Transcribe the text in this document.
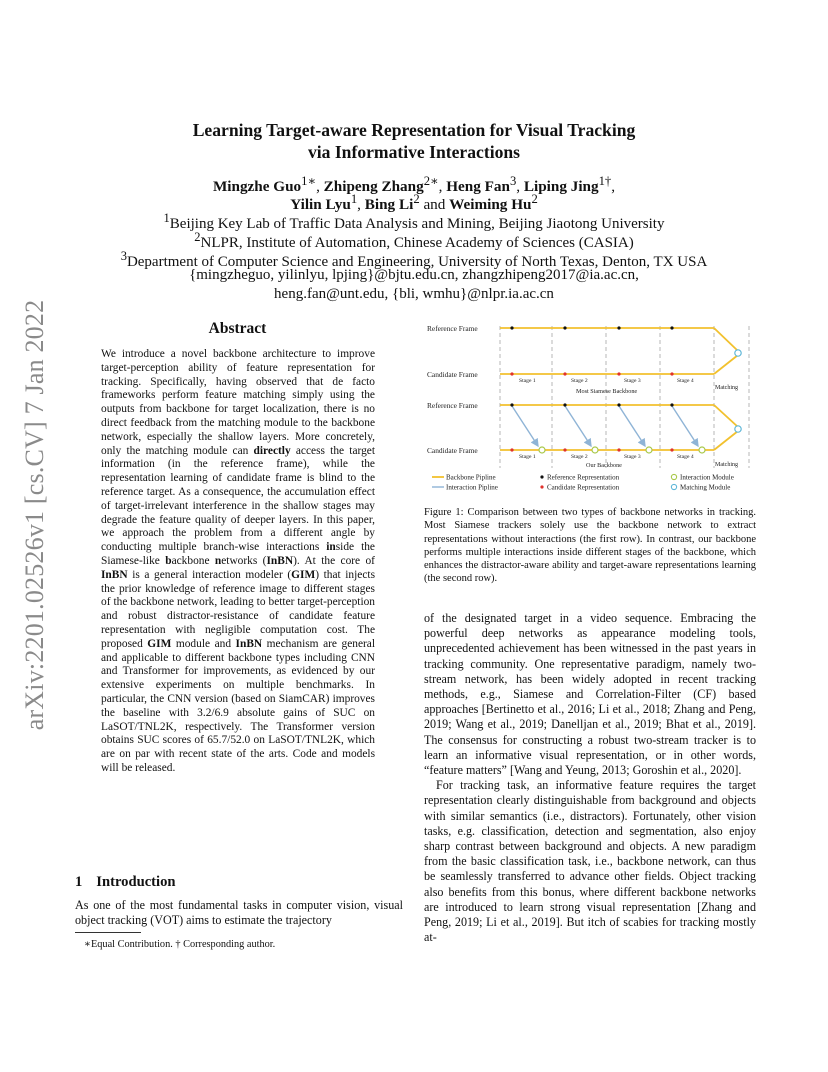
arXiv:2201.02526v1 [cs.CV] 7 Jan 2022
Learning Target-aware Representation for Visual Tracking
via Informative Interactions
Mingzhe Guo$^{1∗}$, Zhipeng Zhang$^{2∗}$, Heng Fan$^3$, Liping Jing$^{1\dagger}$,
Yilin Lyu$^1$, Bing Li$^2$ and Weiming Hu$^2$
$^1$Beijing Key Lab of Traffic Data Analysis and Mining, Beijing Jiaotong University
$^2$NLPR, Institute of Automation, Chinese Academy of Sciences (CASIA)
$^3$Department of Computer Science and Engineering, University of North Texas, Denton, TX USA
{mingzheguo, yilinlyu, lpjing}@bjtu.edu.cn, zhangzhipeng2017@ia.ac.cn,
heng.fan@unt.edu, {bli, wmhu}@nlpr.ia.ac.cn
Abstract
We introduce a novel backbone architecture to improve target-perception ability of feature representation for tracking. Specifically, having observed that de facto frameworks perform feature matching simply using the outputs from backbone for target localization, there is no direct feedback from the matching module to the backbone network, especially the shallow layers. More concretely, only the matching module can directly access the target information (in the reference frame), while the representation learning of candidate frame is blind to the reference target. As a consequence, the accumulation effect of target-irrelevant interference in the shallow stages may degrade the feature quality of deeper layers. In this paper, we approach the problem from a different angle by conducting multiple branch-wise interactions inside the Siamese-like backbone networks (InBN). At the core of InBN is a general interaction modeler (GIM) that injects the prior knowledge of reference image to different stages of the backbone network, leading to better target-perception and robust distractor-resistance of candidate feature representation with negligible computation cost. The proposed GIM module and InBN mechanism are general and applicable to different backbone types including CNN and Transformer for improvements, as evidenced by our extensive experiments on multiple benchmarks. In particular, the CNN version (based on SiamCAR) improves the baseline with 3.2/6.9 absolute gains of SUC on LaSOT/TNL2K, respectively. The Transformer version obtains SUC scores of 65.7/52.0 on LaSOT/TNL2K, which are on par with recent state of the arts. Code and models will be released.
1 Introduction
As one of the most fundamental tasks in computer vision, visual object tracking (VOT) aims to estimate the trajectory
∗Equal Contribution. † Corresponding author.
Reference Frame
Candidate Frame
Stage 1	Stage 2	Stage 3	Stage 4
Matching
Most Siamese Backbone
Reference Frame
Candidate Frame
Stage 1	Stage 2	Stage 3	Stage 4
Matching
Our Backbone
Backbone Pipline
Interaction Pipline
Reference Representation
Candidate Representation
Interaction Module
Matching Module
Figure 1: Comparison between two types of backbone networks in tracking. Most Siamese trackers solely use the backbone network to extract representations without interactions (the first row). In contrast, our backbone performs multiple interactions inside different stages of the backbone, which enhances the distractor-aware ability and target-aware representations learning (the second row).

of the designated target in a video sequence. Embracing the powerful deep networks as appearance modeling tools, unprecedented achievement has been witnessed in the past years in tracking community. One representative paradigm, namely two-stream network, has been widely adopted in recent tracking methods, e.g., Siamese and Correlation-Filter (CF) based approaches [Bertinetto et al., 2016; Li et al., 2018; Zhang and Peng, 2019; Wang et al., 2019; Danelljan et al., 2019; Bhat et al., 2019]. The consensus for constructing a robust two-stream tracker is to learn an informative visual representation, or in other words, “feature matters” [Wang and Yeung, 2013; Goroshin et al., 2020].

For tracking task, an informative feature requires the target representation clearly distinguishable from background and objects with similar semantics (i.e., distractors). Fortunately, other vision tasks, e.g. classification, detection and segmentation, also enjoy sharp contrast between background and objects. A new paradigm from the basic classification task, i.e., backbone network, can thus be seamlessly transferred to advance other fields. Object tracking also benefits from this bonus, where different backbone networks are introduced to learn strong visual representation [Zhang and Peng, 2019; Li et al., 2019]. But itch of scabies for tracking mostly at-
